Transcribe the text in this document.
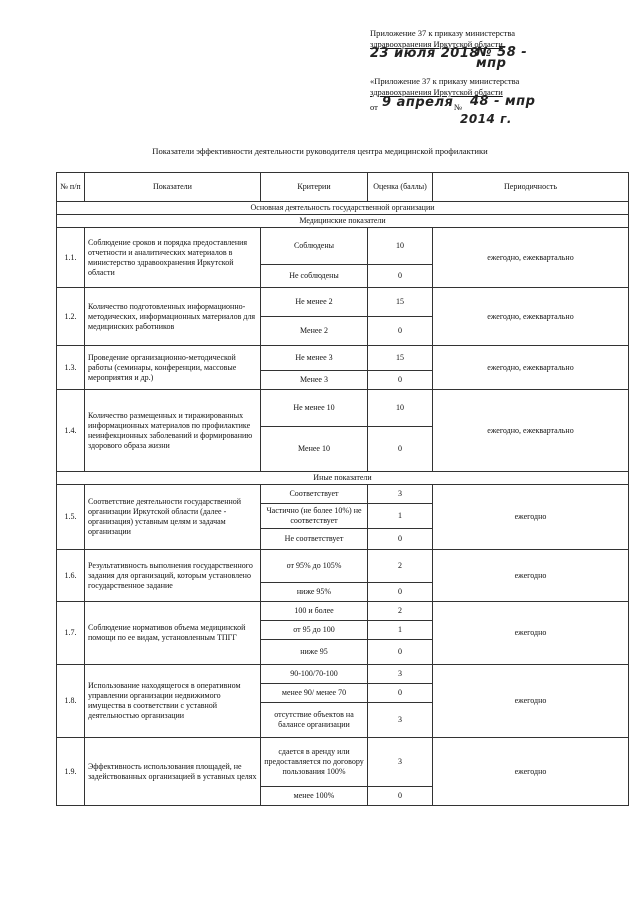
Приложение 37 к приказу министерства
здравоохранения Иркутской области
23 июля 2018
№ 58 - мпр
«Приложение 37 к приказу министерства
здравоохранения Иркутской области
от 9 апреля № 48 - мпр
2014 г.
Показатели эффективности деятельности руководителя центра медицинской профилактики
№ п/п	Показатели	Критерии	Оценка (баллы)	Периодичность
Основная деятельность государственной организации				
Медицинские показатели				
1.1.	Соблюдение сроков и порядка предоставления отчетности и аналитических материалов в министерство здравоохранения Иркутской области	Соблюдены	10	ежегодно, ежеквартально
		Не соблюдены	0	
1.2.	Количество подготовленных информационно-методических, информационных материалов для медицинских работников	Не менее 2	15	ежегодно, ежеквартально
		Менее 2	0	
1.3.	Проведение организационно-методической работы (семинары, конференции, массовые мероприятия и др.)	Не менее 3	15	ежегодно, ежеквартально
		Менее 3	0	
1.4.	Количество размещенных и тиражированных информационных материалов по профилактике неинфекционных заболеваний и формированию здорового образа жизни	Не менее 10	10	ежегодно, ежеквартально
		Менее 10	0	
Иные показатели				
1.5.	Соответствие деятельности государственной организации Иркутской области (далее - организация) уставным целям и задачам организации	Соответствует	3	ежегодно
		Частично (не более 10%) не соответствует	1	
		Не соответствует	0	
1.6.	Результативность выполнения государственного задания для организаций, которым установлено государственное задание	от 95% до 105%	2	ежегодно
		ниже 95%	0	
1.7.	Соблюдение нормативов объема медицинской помощи по ее видам, установленным ТПГГ	100 и более	2	ежегодно
		от 95 до 100	1	
		ниже 95	0	
1.8.	Использование находящегося в оперативном управлении организации недвижимого имущества в соответствии с уставной деятельностью организации	90-100/70-100	3	ежегодно
		менее 90/ менее 70	0	
		отсутствие объектов на балансе организации	3	
1.9.	Эффективность использования площадей, не задействованных организацией в уставных целях	сдается в аренду или предоставляется по договору пользования 100%	3	ежегодно
		менее 100%	0	
